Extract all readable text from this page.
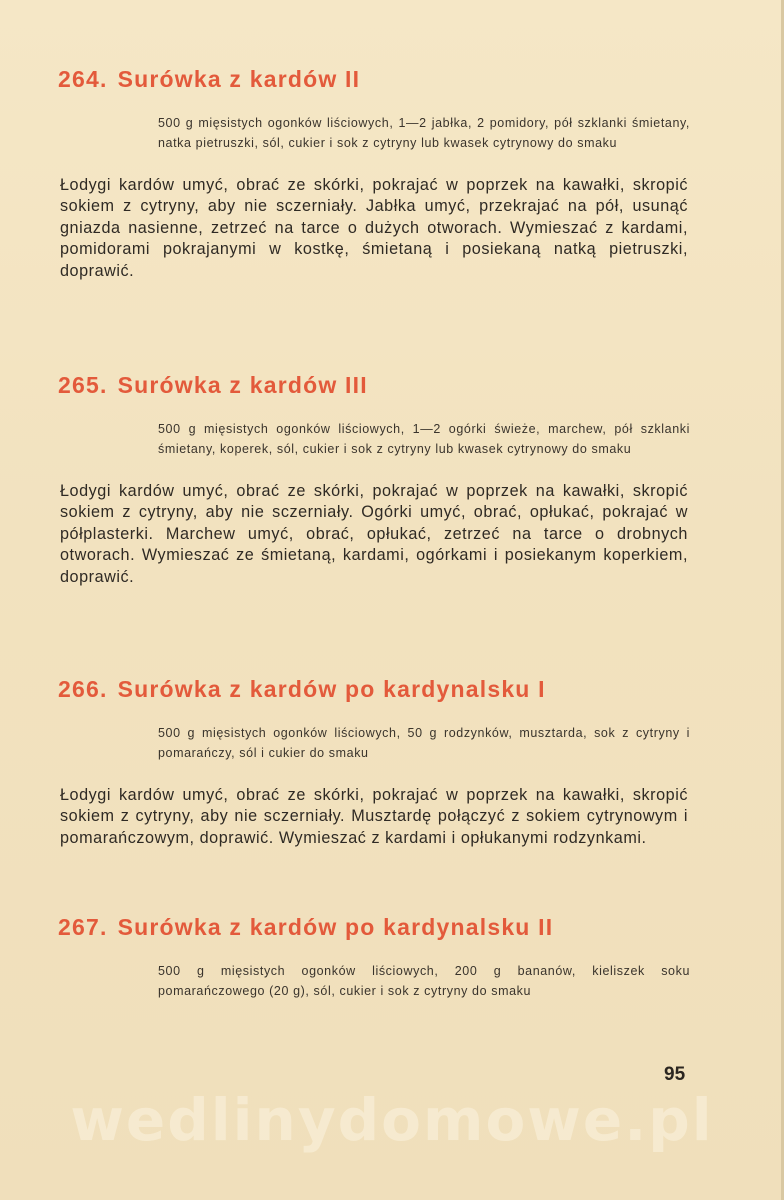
264. Surówka z kardów II

500 g mięsistych ogonków liściowych, 1—2 jabłka, 2 pomidory, pół szklanki śmietany, natka pietruszki, sól, cukier i sok z cytryny lub kwasek cytrynowy do smaku

Łodygi kardów umyć, obrać ze skórki, pokrajać w poprzek na kawałki, skropić sokiem z cytryny, aby nie sczerniały. Jabłka umyć, przekrajać na pół, usunąć gniazda nasienne, zetrzeć na tarce o dużych otworach. Wymieszać z kardami, pomidorami pokrajanymi w kostkę, śmietaną i posiekaną natką pietruszki, doprawić.

265. Surówka z kardów III

500 g mięsistych ogonków liściowych, 1—2 ogórki świeże, marchew, pół szklanki śmietany, koperek, sól, cukier i sok z cytryny lub kwasek cytrynowy do smaku

Łodygi kardów umyć, obrać ze skórki, pokrajać w poprzek na kawałki, skropić sokiem z cytryny, aby nie sczerniały. Ogórki umyć, obrać, opłukać, pokrajać w półplasterki. Marchew umyć, obrać, opłukać, zetrzeć na tarce o drobnych otworach. Wymieszać ze śmietaną, kardami, ogórkami i posiekanym koperkiem, doprawić.

266. Surówka z kardów po kardynalsku I

500 g mięsistych ogonków liściowych, 50 g rodzynków, musztarda, sok z cytryny i pomarańczy, sól i cukier do smaku

Łodygi kardów umyć, obrać ze skórki, pokrajać w poprzek na kawałki, skropić sokiem z cytryny, aby nie sczerniały. Musztardę połączyć z sokiem cytrynowym i pomarańczowym, doprawić. Wymieszać z kardami i opłukanymi rodzynkami.

267. Surówka z kardów po kardynalsku II

500 g mięsistych ogonków liściowych, 200 g bananów, kieliszek soku pomarańczowego (20 g), sól, cukier i sok z cytryny do smaku

95
wedlinydomowe.pl
